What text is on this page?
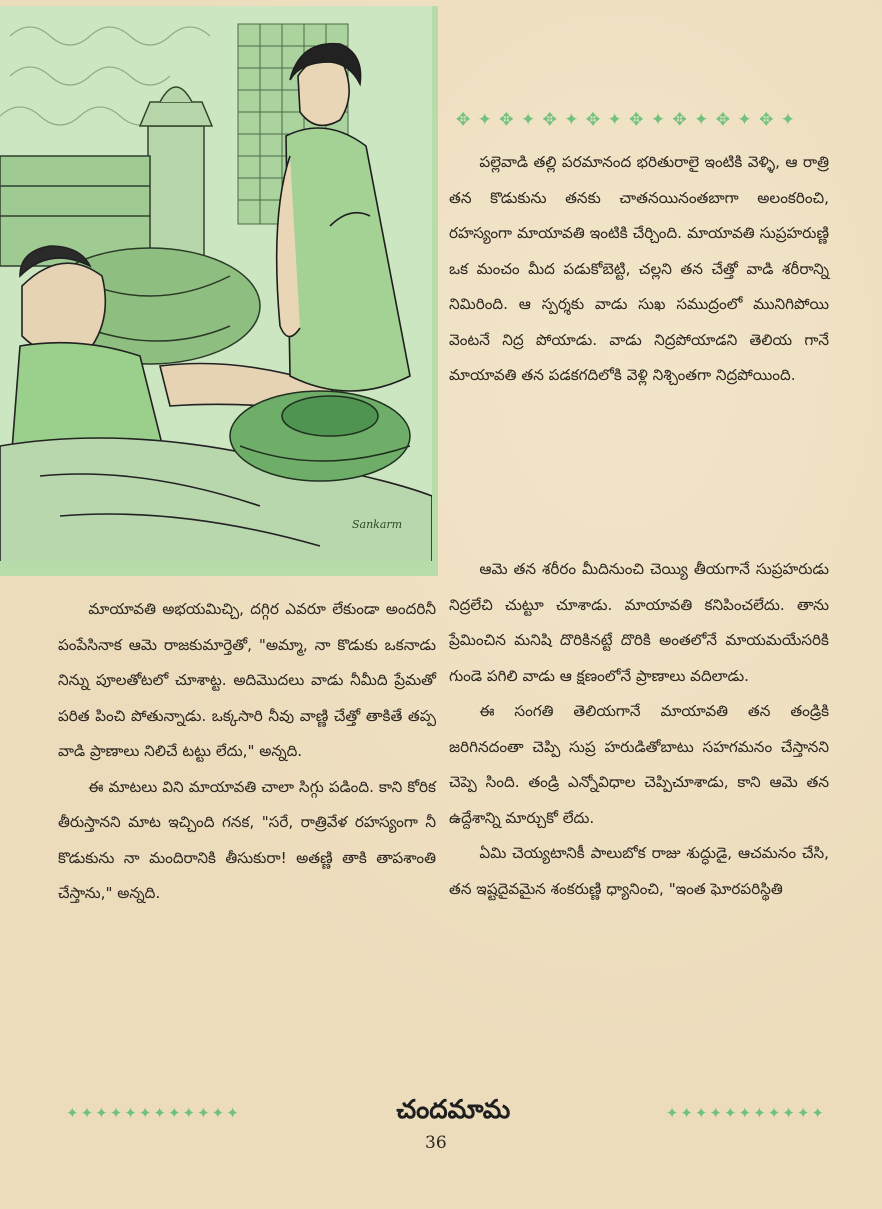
Sankarm
✥ ✦ ✥ ✦ ✥ ✦ ✥ ✦ ✥ ✦ ✥ ✦ ✥ ✦ ✥ ✦

పల్లెవాడి తల్లి పరమానంద భరితురాలై ఇంటికి వెళ్ళి, ఆ రాత్రి తన కొడుకును తనకు చాతనయినంతబాగా అలంకరించి, రహస్యంగా మాయావతి ఇంటికి చేర్చింది. మాయావతి సుప్రహరుణ్ణి ఒక మంచం మీద పడుకోబెట్టి, చల్లని తన చేత్తో వాడి శరీరాన్ని నిమిరింది. ఆ స్పర్శకు వాడు సుఖ సముద్రంలో మునిగిపోయి వెంటనే నిద్ర పోయాడు. వాడు నిద్రపోయాడని తెలియ గానే మాయావతి తన పడకగదిలోకి వెళ్లి నిశ్చింతగా నిద్రపోయింది.

మాయావతి అభయమిచ్చి, దగ్గిర ఎవరూ లేకుండా అందరినీ పంపేసినాక ఆమె రాజకుమార్తెతో, "అమ్మా, నా కొడుకు ఒకనాడు నిన్ను పూలతోటలో చూశాట్ట. అదిమొదలు వాడు నీమీది ప్రేమతో పరిత పించి పోతున్నాడు. ఒక్కసారి నీవు వాణ్ణి చేత్తో తాకితే తప్ప వాడి ప్రాణాలు నిలిచే టట్టు లేదు," అన్నది.

ఈ మాటలు విని మాయావతి చాలా సిగ్గు పడింది. కాని కోరిక తీరుస్తానని మాట ఇచ్చింది గనక, "సరే, రాత్రివేళ రహస్యంగా నీ కొడుకును నా మందిరానికి తీసుకురా! అతణ్ణి తాకి తాపశాంతి చేస్తాను," అన్నది.

ఆమె తన శరీరం మీదినుంచి చెయ్యి తీయగానే సుప్రహరుడు నిద్రలేచి చుట్టూ చూశాడు. మాయావతి కనిపించలేదు. తాను ప్రేమించిన మనిషి దొరికినట్టే దొరికి అంతలోనే మాయమయేసరికి గుండె పగిలి వాడు ఆ క్షణంలోనే ప్రాణాలు వదిలాడు.

ఈ సంగతి తెలియగానే మాయావతి తన తండ్రికి జరిగినదంతా చెప్పి సుప్ర హరుడితోబాటు సహగమనం చేస్తానని చెప్పె సింది. తండ్రి ఎన్నోవిధాల చెప్పిచూశాడు, కాని ఆమె తన ఉద్దేశాన్ని మార్చుకో లేదు.

ఏమి చెయ్యటానికీ పాలుబోక రాజు శుద్ధుడై, ఆచమనం చేసి, తన ఇష్టదైవమైన శంకరుణ్ణి ధ్యానించి, "ఇంత ఘోరపరిస్థితి

✦✦✦✦✦✦✦✦✦✦✦✦	చందమామ	✦✦✦✦✦✦✦✦✦✦✦
36
